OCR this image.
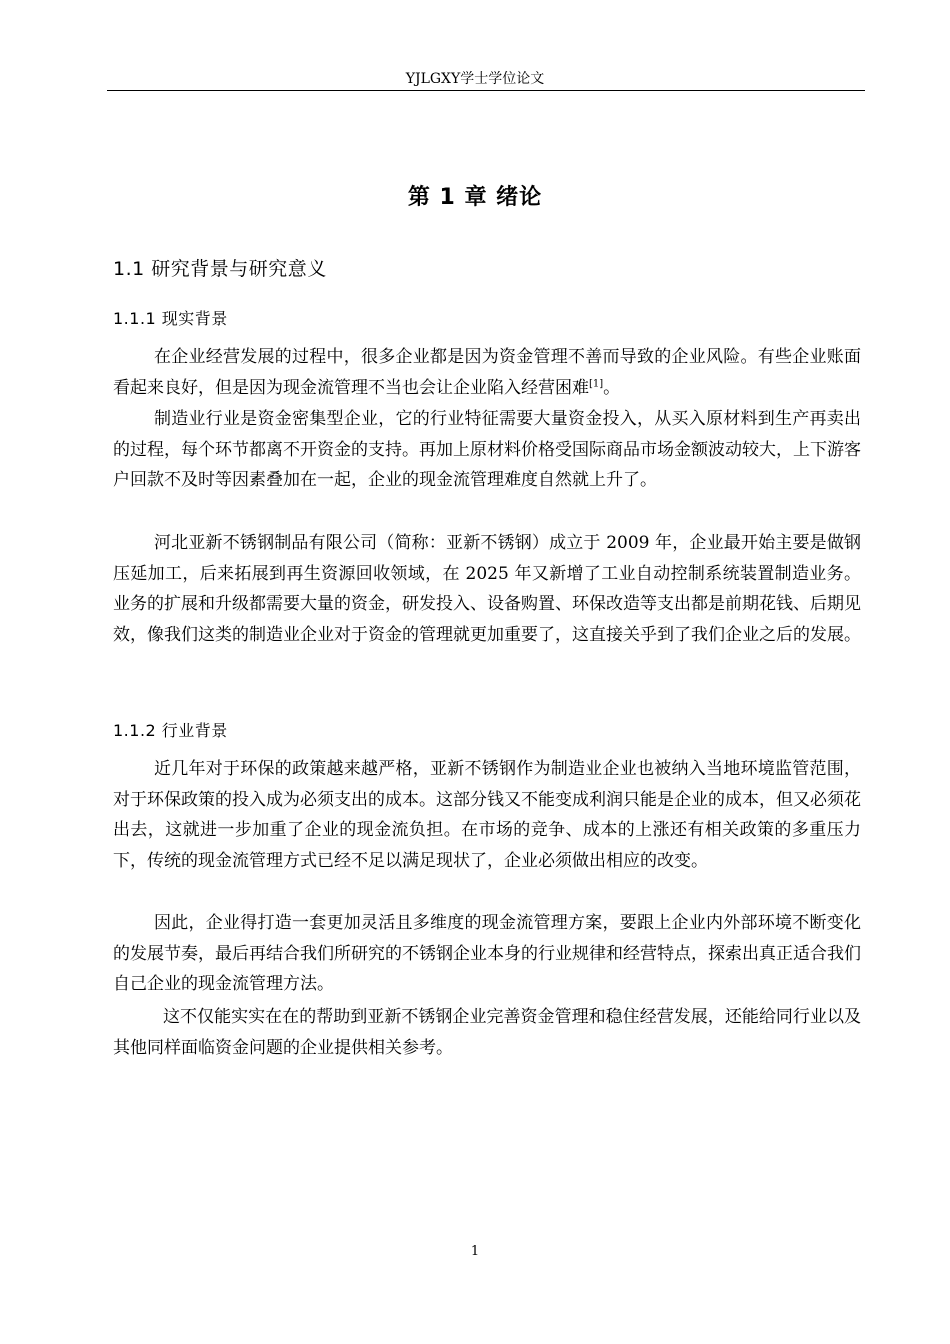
YJLGXY学士学位论文
第 1 章 绪论
1.1 研究背景与研究意义
1.1.1 现实背景

在企业经营发展的过程中，很多企业都是因为资金管理不善而导致的企业风险。有些企业账面看起来良好，但是因为现金流管理不当也会让企业陷入经营困难[1]。

制造业行业是资金密集型企业，它的行业特征需要大量资金投入，从买入原材料到生产再卖出的过程，每个环节都离不开资金的支持。再加上原材料价格受国际商品市场金额波动较大，上下游客户回款不及时等因素叠加在一起，企业的现金流管理难度自然就上升了。

河北亚新不锈钢制品有限公司（简称：亚新不锈钢）成立于 2009 年，企业最开始主要是做钢压延加工，后来拓展到再生资源回收领域，在 2025 年又新增了工业自动控制系统装置制造业务。业务的扩展和升级都需要大量的资金，研发投入、设备购置、环保改造等支出都是前期花钱、后期见效，像我们这类的制造业企业对于资金的管理就更加重要了，这直接关乎到了我们企业之后的发展。

1.1.2 行业背景

近几年对于环保的政策越来越严格，亚新不锈钢作为制造业企业也被纳入当地环境监管范围，对于环保政策的投入成为必须支出的成本。这部分钱又不能变成利润只能是企业的成本，但又必须花出去，这就进一步加重了企业的现金流负担。在市场的竞争、成本的上涨还有相关政策的多重压力下，传统的现金流管理方式已经不足以满足现状了，企业必须做出相应的改变。

因此，企业得打造一套更加灵活且多维度的现金流管理方案，要跟上企业内外部环境不断变化的发展节奏，最后再结合我们所研究的不锈钢企业本身的行业规律和经营特点，探索出真正适合我们自己企业的现金流管理方法。

这不仅能实实在在的帮助到亚新不锈钢企业完善资金管理和稳住经营发展，还能给同行业以及其他同样面临资金问题的企业提供相关参考。

1
